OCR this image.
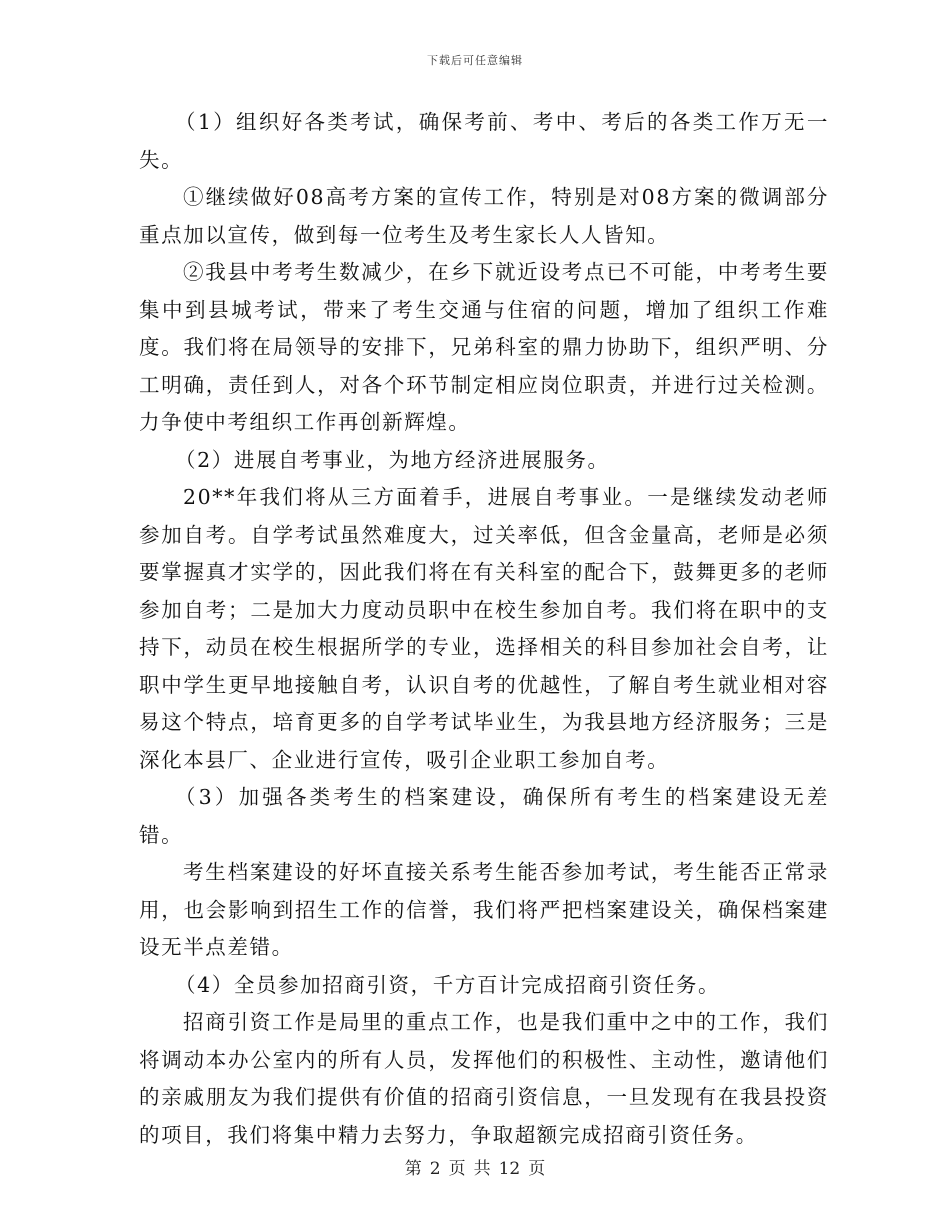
下载后可任意编辑

（1）组织好各类考试，确保考前、考中、考后的各类工作万无一失。

①继续做好08高考方案的宣传工作，特别是对08方案的微调部分重点加以宣传，做到每一位考生及考生家长人人皆知。

②我县中考考生数减少，在乡下就近设考点已不可能，中考考生要集中到县城考试，带来了考生交通与住宿的问题，增加了组织工作难度。我们将在局领导的安排下，兄弟科室的鼎力协助下，组织严明、分工明确，责任到人，对各个环节制定相应岗位职责，并进行过关检测。力争使中考组织工作再创新辉煌。

（2）进展自考事业，为地方经济进展服务。

20**年我们将从三方面着手，进展自考事业。一是继续发动老师参加自考。自学考试虽然难度大，过关率低，但含金量高，老师是必须要掌握真才实学的，因此我们将在有关科室的配合下，鼓舞更多的老师参加自考；二是加大力度动员职中在校生参加自考。我们将在职中的支持下，动员在校生根据所学的专业，选择相关的科目参加社会自考，让职中学生更早地接触自考，认识自考的优越性，了解自考生就业相对容易这个特点，培育更多的自学考试毕业生，为我县地方经济服务；三是深化本县厂、企业进行宣传，吸引企业职工参加自考。

（3）加强各类考生的档案建设，确保所有考生的档案建设无差错。

考生档案建设的好坏直接关系考生能否参加考试，考生能否正常录用，也会影响到招生工作的信誉，我们将严把档案建设关，确保档案建设无半点差错。

（4）全员参加招商引资，千方百计完成招商引资任务。

招商引资工作是局里的重点工作，也是我们重中之中的工作，我们将调动本办公室内的所有人员，发挥他们的积极性、主动性，邀请他们的亲戚朋友为我们提供有价值的招商引资信息，一旦发现有在我县投资的项目，我们将集中精力去努力，争取超额完成招商引资任务。

第 2 页 共 12 页
